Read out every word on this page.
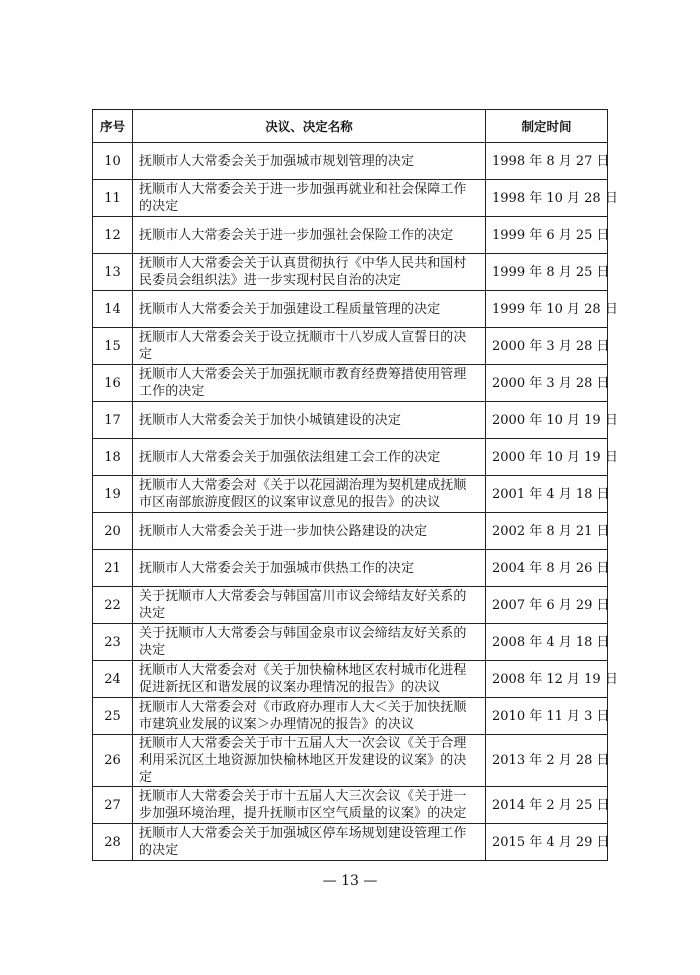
序号	决议、决定名称	制定时间
10	抚顺市人大常委会关于加强城市规划管理的决定	1998 年 8 月 27 日
11	抚顺市人大常委会关于进一步加强再就业和社会保障工作的决定	1998 年 10 月 28 日
12	抚顺市人大常委会关于进一步加强社会保险工作的决定	1999 年 6 月 25 日
13	抚顺市人大常委会关于认真贯彻执行《中华人民共和国村民委员会组织法》进一步实现村民自治的决定	1999 年 8 月 25 日
14	抚顺市人大常委会关于加强建设工程质量管理的决定	1999 年 10 月 28 日
15	抚顺市人大常委会关于设立抚顺市十八岁成人宣誓日的决定	2000 年 3 月 28 日
16	抚顺市人大常委会关于加强抚顺市教育经费筹措使用管理工作的决定	2000 年 3 月 28 日
17	抚顺市人大常委会关于加快小城镇建设的决定	2000 年 10 月 19 日
18	抚顺市人大常委会关于加强依法组建工会工作的决定	2000 年 10 月 19 日
19	抚顺市人大常委会对《关于以花园湖治理为契机建成抚顺市区南部旅游度假区的议案审议意见的报告》的决议	2001 年 4 月 18 日
20	抚顺市人大常委会关于进一步加快公路建设的决定	2002 年 8 月 21 日
21	抚顺市人大常委会关于加强城市供热工作的决定	2004 年 8 月 26 日
22	关于抚顺市人大常委会与韩国富川市议会缔结友好关系的决定	2007 年 6 月 29 日
23	关于抚顺市人大常委会与韩国金泉市议会缔结友好关系的决定	2008 年 4 月 18 日
24	抚顺市人大常委会对《关于加快榆林地区农村城市化进程促进新抚区和谐发展的议案办理情况的报告》的决议	2008 年 12 月 19 日
25	抚顺市人大常委会对《市政府办理市人大＜关于加快抚顺市建筑业发展的议案＞办理情况的报告》的决议	2010 年 11 月 3 日
26	抚顺市人大常委会关于市十五届人大一次会议《关于合理利用采沉区土地资源加快榆林地区开发建设的议案》的决定	2013 年 2 月 28 日
27	抚顺市人大常委会关于市十五届人大三次会议《关于进一步加强环境治理，提升抚顺市区空气质量的议案》的决定	2014 年 2 月 25 日
28	抚顺市人大常委会关于加强城区停车场规划建设管理工作的决定	2015 年 4 月 29 日
— 13 —
